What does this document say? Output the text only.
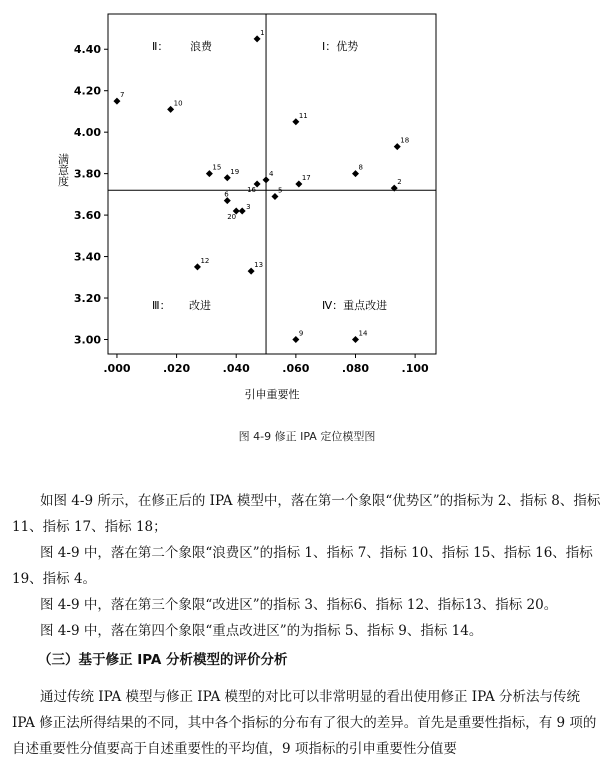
3.00
3.20
3.40
3.60
3.80
4.00
4.20
4.40
.000	.020	.040	.060	.080	.100
1
7
10
11
18
15
19	4
16
17
8
2
5
6
3
20
12
13
9	14
Ⅱ： 浪费	Ⅰ：优势
Ⅲ： 改进	Ⅳ：重点改进
引申重要性
满意度
图 4-9 修正 IPA 定位模型图

如图 4-9 所示，在修正后的 IPA 模型中，落在第一个象限“优势区”的指标为 2、指标 8、指标 11、指标 17、指标 18；

图 4-9 中，落在第二个象限“浪费区”的指标 1、指标 7、指标 10、指标 15、指标 16、指标19、指标 4。

图 4-9 中，落在第三个象限“改进区”的指标 3、指标6、指标 12、指标13、指标 20。

图 4-9 中，落在第四个象限“重点改进区”的为指标 5、指标 9、指标 14。

（三）基于修正 IPA 分析模型的评价分析

通过传统 IPA 模型与修正 IPA 模型的对比可以非常明显的看出使用修正 IPA 分析法与传统 IPA 修正法所得结果的不同，其中各个指标的分布有了很大的差异。首先是重要性指标，有 9 项的自述重要性分值要高于自述重要性的平均值，9 项指标的引申重要性分值要
